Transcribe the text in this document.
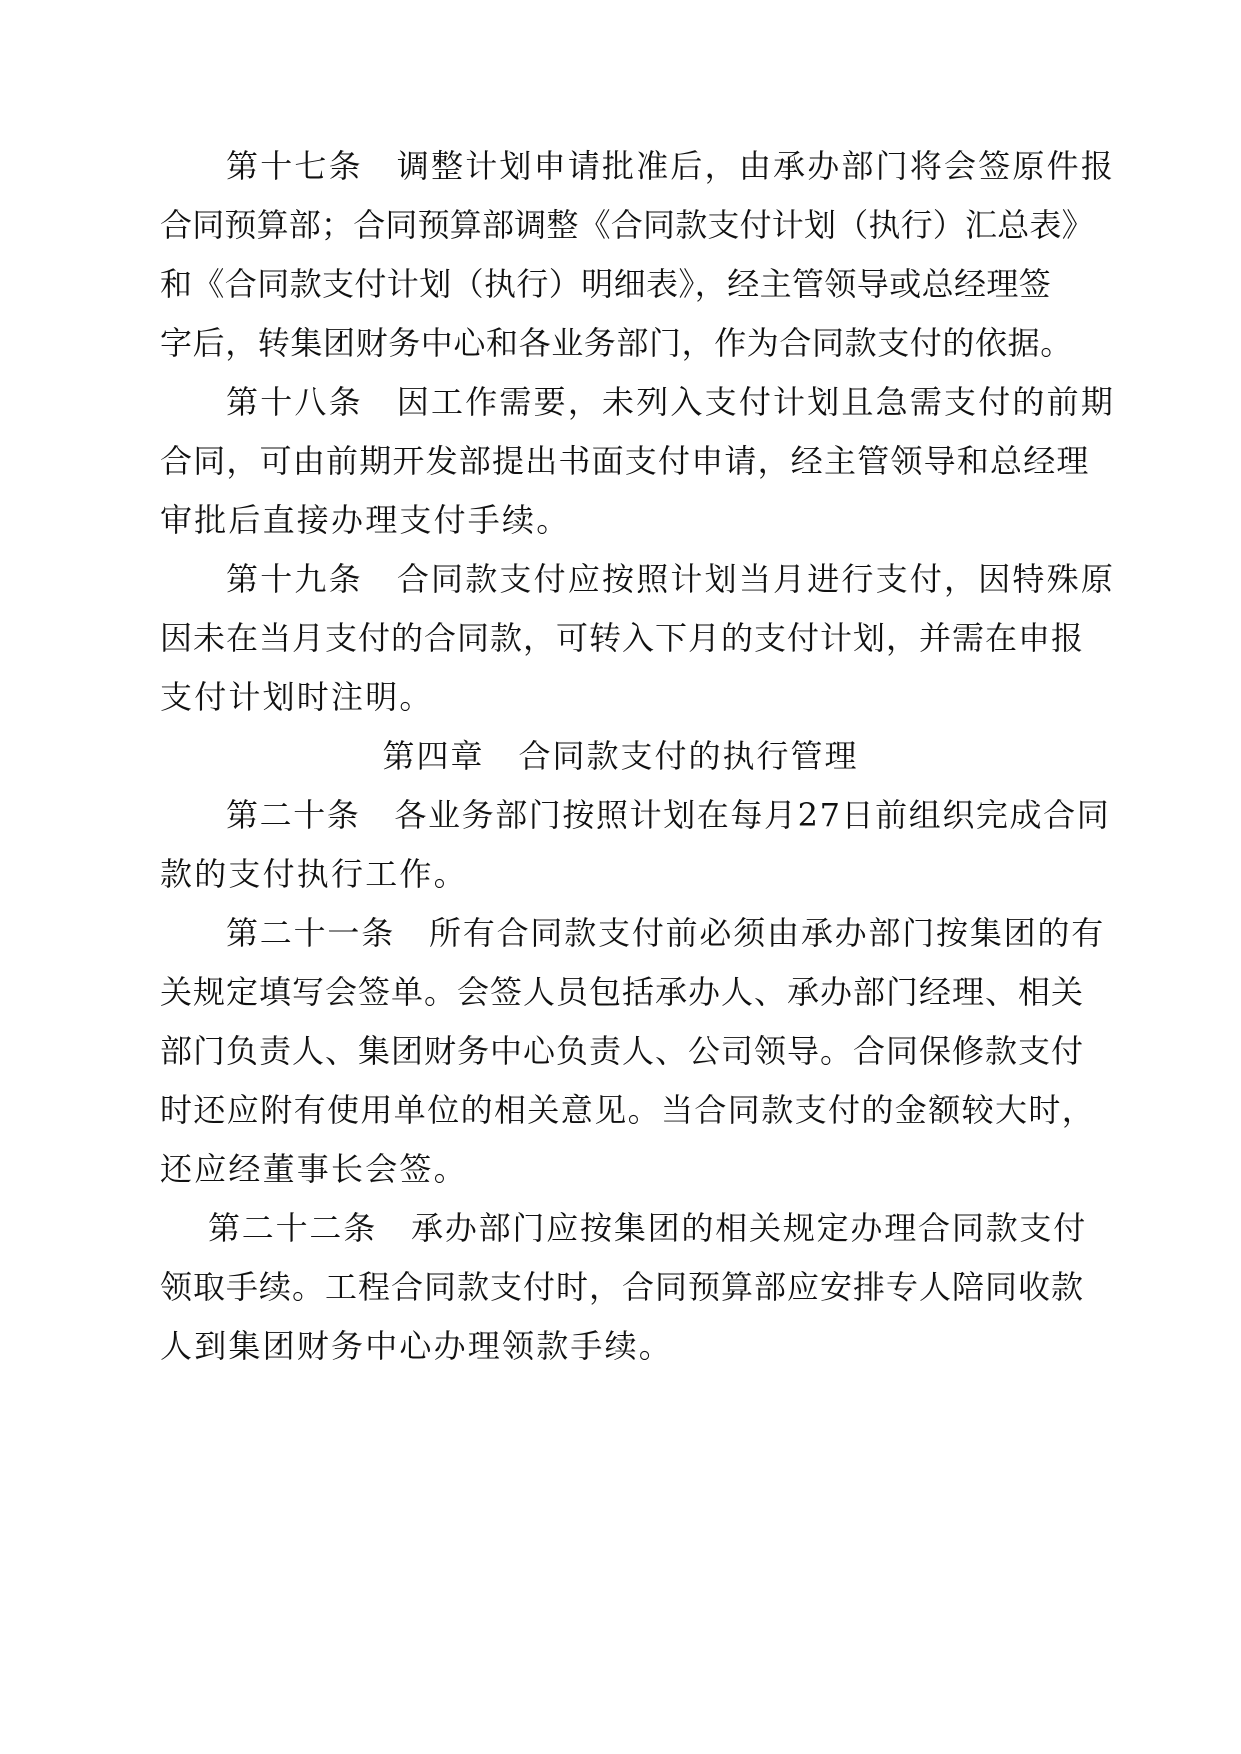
第十七条 调整计划申请批准后，由承办部门将会签原件报
合同预算部；合同预算部调整《合同款支付计划（执行）汇总表》
和《合同款支付计划（执行）明细表》，经主管领导或总经理签
字后，转集团财务中心和各业务部门，作为合同款支付的依据。
第十八条 因工作需要，未列入支付计划且急需支付的前期
合同，可由前期开发部提出书面支付申请，经主管领导和总经理
审批后直接办理支付手续。
第十九条 合同款支付应按照计划当月进行支付，因特殊原
因未在当月支付的合同款，可转入下月的支付计划，并需在申报
支付计划时注明。
第四章　合同款支付的执行管理
第二十条 各业务部门按照计划在每月27日前组织完成合同
款的支付执行工作。
第二十一条 所有合同款支付前必须由承办部门按集团的有
关规定填写会签单。会签人员包括承办人、承办部门经理、相关
部门负责人、集团财务中心负责人、公司领导。合同保修款支付
时还应附有使用单位的相关意见。当合同款支付的金额较大时，
还应经董事长会签。
第二十二条 承办部门应按集团的相关规定办理合同款支付
领取手续。工程合同款支付时，合同预算部应安排专人陪同收款
人到集团财务中心办理领款手续。
